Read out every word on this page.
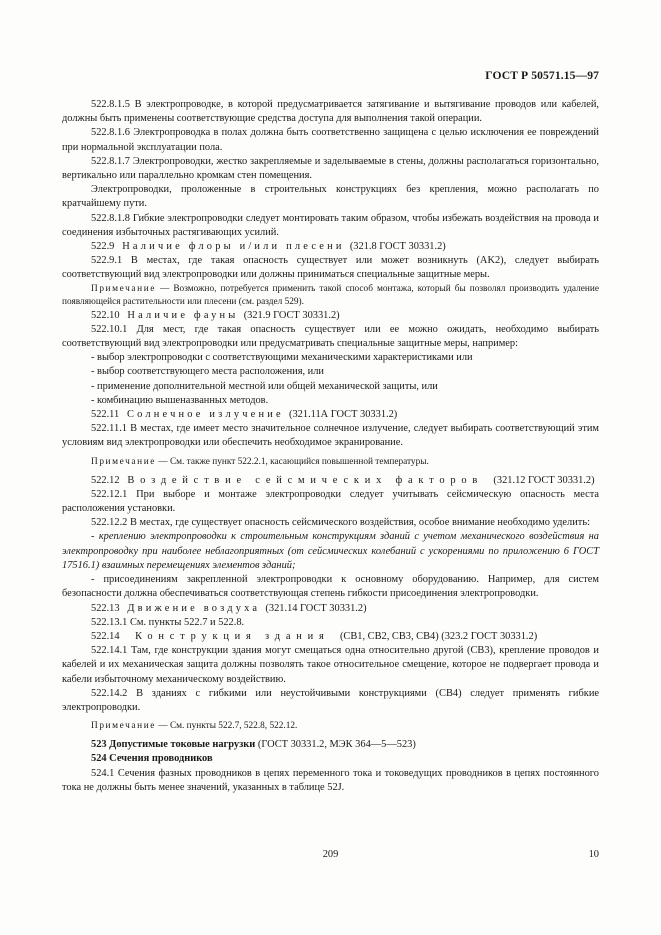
ГОСТ Р 50571.15—97

522.8.1.5 В электропроводке, в которой предусматривается затягивание и вытягивание проводов или кабелей, должны быть применены соответствующие средства доступа для выполнения такой операции.

522.8.1.6 Электропроводка в полах должна быть соответственно защищена с целью исключения ее повреждений при нормальной эксплуатации пола.

522.8.1.7 Электропроводки, жестко закрепляемые и заделываемые в стены, должны располагаться горизонтально, вертикально или параллельно кромкам стен помещения.

Электропроводки, проложенные в строительных конструкциях без крепления, можно располагать по кратчайшему пути.

522.8.1.8 Гибкие электропроводки следует монтировать таким образом, чтобы избежать воздействия на провода и соединения избыточных растягивающих усилий.

522.9 Наличие флоры и/или плесени (321.8 ГОСТ 30331.2)

522.9.1 В местах, где такая опасность существует или может возникнуть (AK2), следует выбирать соответствующий вид электропроводки или должны приниматься специальные защитные меры.

Примечание — Возможно, потребуется применить такой способ монтажа, который бы позволял производить удаление появляющейся растительности или плесени (см. раздел 529).

522.10 Наличие фауны (321.9 ГОСТ 30331.2)

522.10.1 Для мест, где такая опасность существует или ее можно ожидать, необходимо выбирать соответствующий вид электропроводки или предусматривать специальные защитные меры, например:

- выбор электропроводки с соответствующими механическими характеристиками или

- выбор соответствующего места расположения, или

- применение дополнительной местной или общей механической защиты, или

- комбинацию вышеназванных методов.

522.11 Солнечное излучение (321.11А ГОСТ 30331.2)

522.11.1 В местах, где имеет место значительное солнечное излучение, следует выбирать соответствующий этим условиям вид электропроводки или обеспечить необходимое экранирование.

Примечание — См. также пункт 522.2.1, касающийся повышенной температуры.

522.12 Воздействие сейсмических факторов (321.12 ГОСТ 30331.2)

522.12.1 При выборе и монтаже электропроводки следует учитывать сейсмическую опасность места расположения установки.

522.12.2 В местах, где существует опасность сейсмического воздействия, особое внимание необходимо уделить:

- креплению электропроводки к строительным конструкциям зданий с учетом механического воздействия на электропроводку при наиболее неблагоприятных (от сейсмических колебаний с ускорениями по приложению 6 ГОСТ 17516.1) взаимных перемещениях элементов зданий;

- присоединениям закрепленной электропроводки к основному оборудованию. Например, для систем безопасности должна обеспечиваться соответствующая степень гибкости присоединения электропроводки.

522.13 Движение воздуха (321.14 ГОСТ 30331.2)

522.13.1 См. пункты 522.7 и 522.8.

522.14 Конструкция здания (CB1, CB2, CB3, CB4) (323.2 ГОСТ 30331.2)

522.14.1 Там, где конструкции здания могут смещаться одна относительно другой (CB3), крепление проводов и кабелей и их механическая защита должны позволять такое относительное смещение, которое не подвергает провода и кабели избыточному механическому воздействию.

522.14.2 В зданиях с гибкими или неустойчивыми конструкциями (CB4) следует применять гибкие электропроводки.

Примечание — См. пункты 522.7, 522.8, 522.12.

523 Допустимые токовые нагрузки (ГОСТ 30331.2, МЭК 364—5—523)

524 Сечения проводников

524.1 Сечения фазных проводников в цепях переменного тока и токоведущих проводников в цепях постоянного тока не должны быть менее значений, указанных в таблице 52J.

209	10
